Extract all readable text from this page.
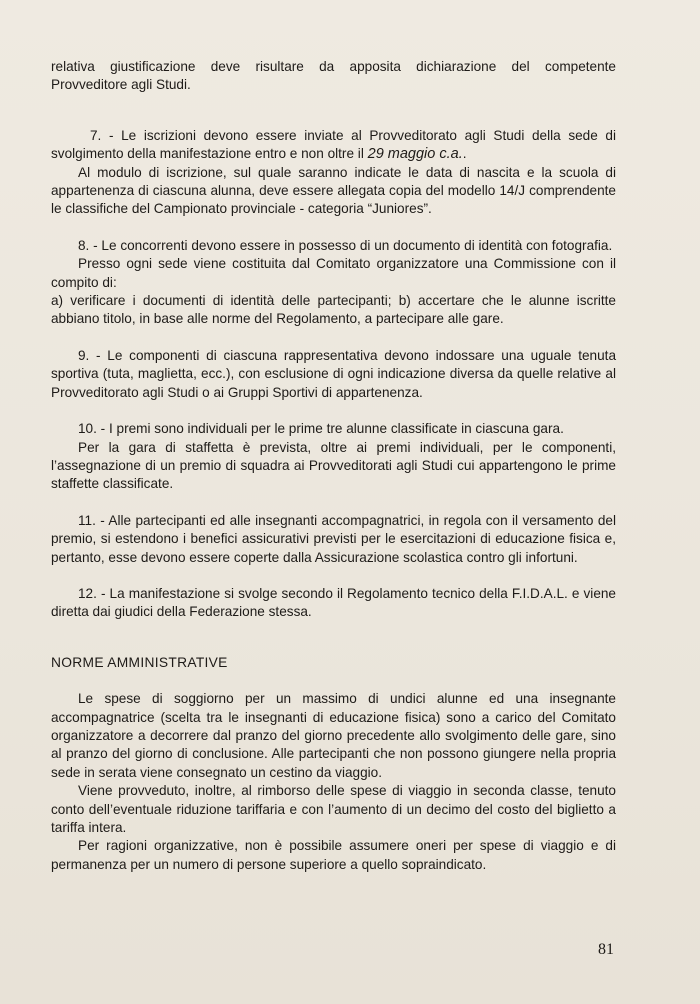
relativa giustificazione deve risultare da apposita dichiarazione del competente
Provveditore agli Studi.

7. - Le iscrizioni devono essere inviate al Provveditorato agli Studi della sede di svolgimento della manifestazione entro e non oltre il 29 maggio c.a..

Al modulo di iscrizione, sul quale saranno indicate le data di nascita e la scuola di appartenenza di ciascuna alunna, deve essere allegata copia del modello 14/J comprendente le classifiche del Campionato provinciale - categoria “Juniores”.

8. - Le concorrenti devono essere in possesso di un documento di identità con fotografia.

Presso ogni sede viene costituita dal Comitato organizzatore una Commissione con il compito di:

a) verificare i documenti di identità delle partecipanti; b) accertare che le alunne iscritte abbiano titolo, in base alle norme del Regolamento, a partecipare alle gare.

9. - Le componenti di ciascuna rappresentativa devono indossare una uguale tenuta sportiva (tuta, maglietta, ecc.), con esclusione di ogni indicazione diversa da quelle relative al Provveditorato agli Studi o ai Gruppi Sportivi di appartenenza.

10. - I premi sono individuali per le prime tre alunne classificate in ciascuna gara.

Per la gara di staffetta è prevista, oltre ai premi individuali, per le componenti, l’assegnazione di un premio di squadra ai Provveditorati agli Studi cui appartengono le prime staffette classificate.

11. - Alle partecipanti ed alle insegnanti accompagnatrici, in regola con il versamento del premio, si estendono i benefici assicurativi previsti per le esercitazioni di educazione fisica e, pertanto, esse devono essere coperte dalla Assicurazione scolastica contro gli infortuni.

12. - La manifestazione si svolge secondo il Regolamento tecnico della F.I.D.A.L. e viene diretta dai giudici della Federazione stessa.

NORME AMMINISTRATIVE

Le spese di soggiorno per un massimo di undici alunne ed una insegnante accompagnatrice (scelta tra le insegnanti di educazione fisica) sono a carico del Comitato organizzatore a decorrere dal pranzo del giorno precedente allo svolgimento delle gare, sino al pranzo del giorno di conclusione. Alle partecipanti che non possono giungere nella propria sede in serata viene consegnato un cestino da viaggio.

Viene provveduto, inoltre, al rimborso delle spese di viaggio in seconda classe, tenuto conto dell’eventuale riduzione tariffaria e con l’aumento di un decimo del costo del biglietto a tariffa intera.

Per ragioni organizzative, non è possibile assumere oneri per spese di viaggio e di permanenza per un numero di persone superiore a quello sopraindicato.

81
